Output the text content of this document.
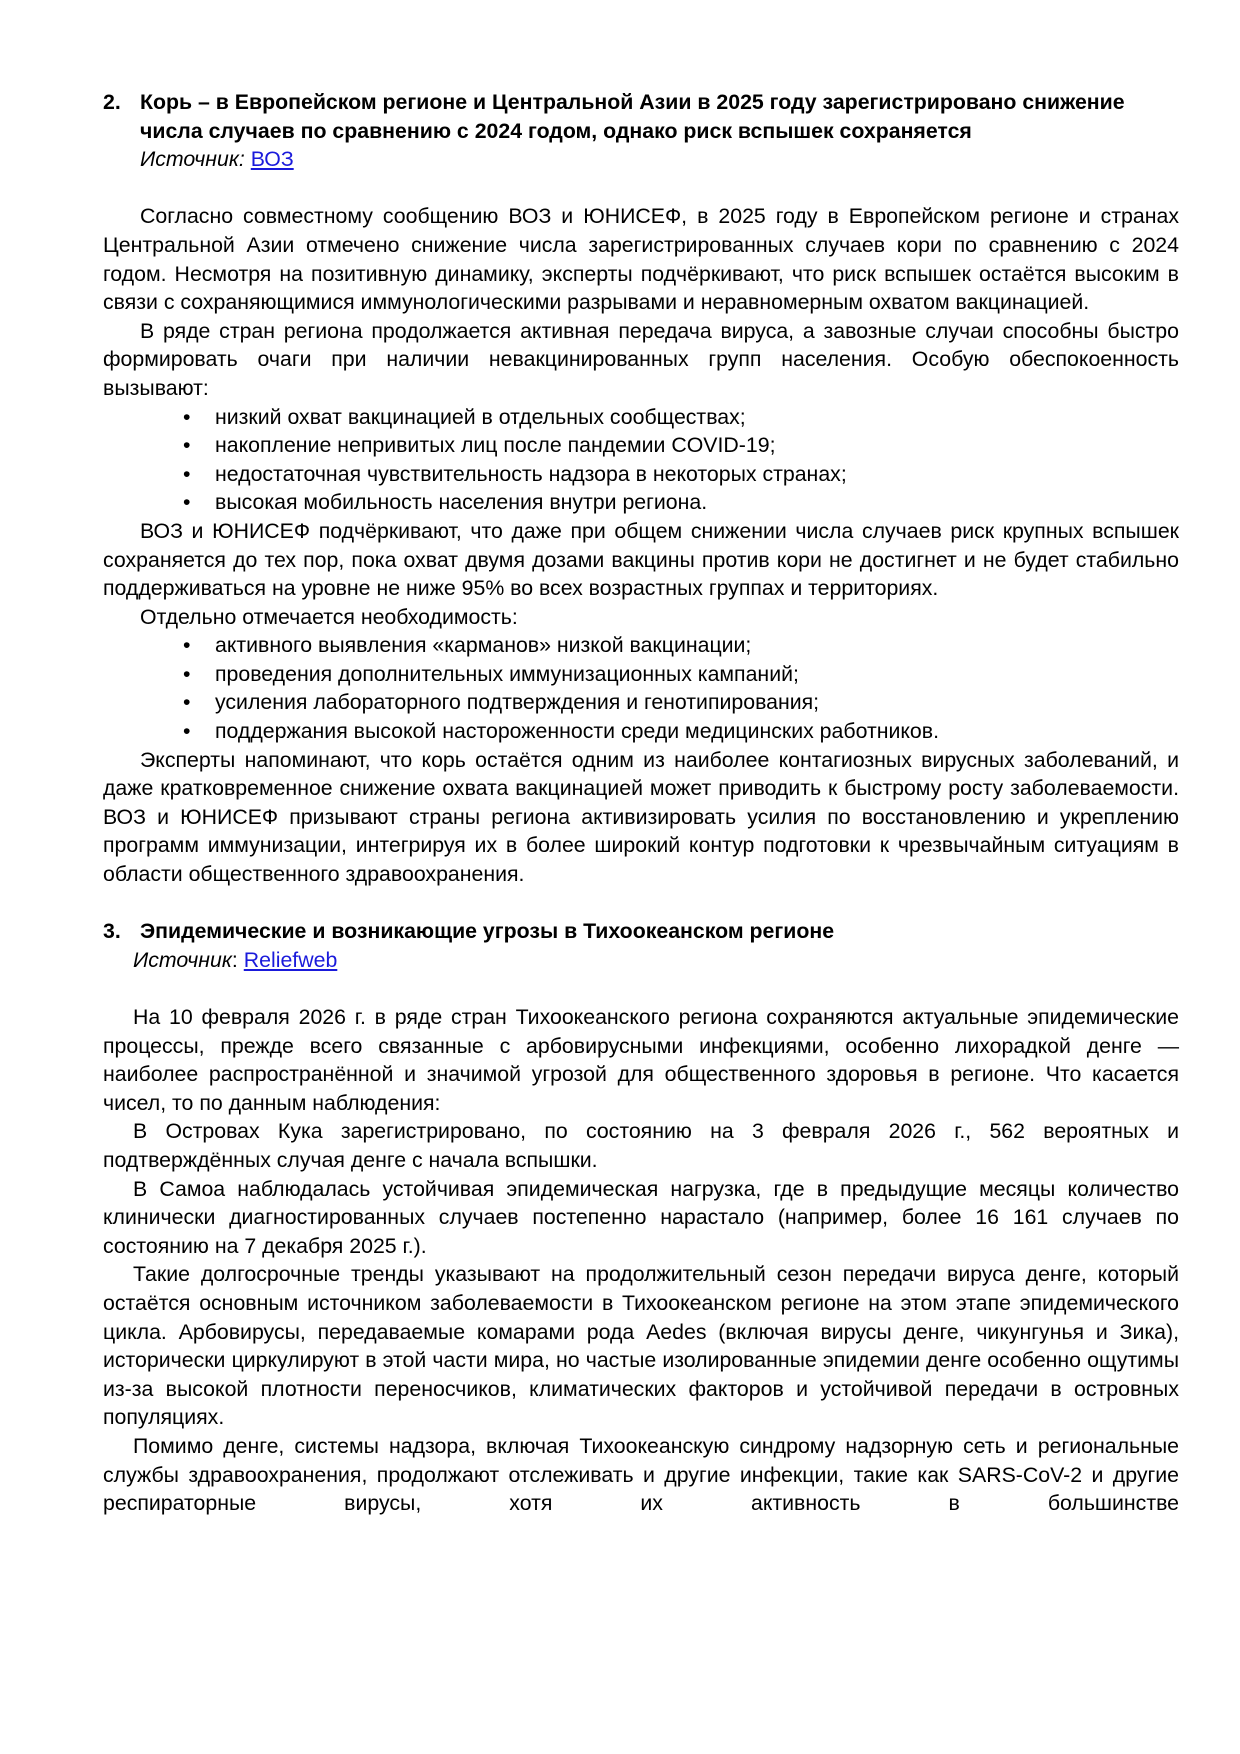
2. Корь – в Европейском регионе и Центральной Азии в 2025 году зарегистрировано снижение числа случаев по сравнению с 2024 годом, однако риск вспышек сохраняется
Источник: ВОЗ

Согласно совместному сообщению ВОЗ и ЮНИСЕФ, в 2025 году в Европейском регионе и странах Центральной Азии отмечено снижение числа зарегистрированных случаев кори по сравнению с 2024 годом. Несмотря на позитивную динамику, эксперты подчёркивают, что риск вспышек остаётся высоким в связи с сохраняющимися иммунологическими разрывами и неравномерным охватом вакцинацией.

В ряде стран региона продолжается активная передача вируса, а завозные случаи способны быстро формировать очаги при наличии невакцинированных групп населения. Особую обеспокоенность вызывают:

• низкий охват вакцинацией в отдельных сообществах;
• накопление непривитых лиц после пандемии COVID-19;
• недостаточная чувствительность надзора в некоторых странах;
• высокая мобильность населения внутри региона.

ВОЗ и ЮНИСЕФ подчёркивают, что даже при общем снижении числа случаев риск крупных вспышек сохраняется до тех пор, пока охват двумя дозами вакцины против кори не достигнет и не будет стабильно поддерживаться на уровне не ниже 95% во всех возрастных группах и территориях.

Отдельно отмечается необходимость:

• активного выявления «карманов» низкой вакцинации;
• проведения дополнительных иммунизационных кампаний;
• усиления лабораторного подтверждения и генотипирования;
• поддержания высокой настороженности среди медицинских работников.

Эксперты напоминают, что корь остаётся одним из наиболее контагиозных вирусных заболеваний, и даже кратковременное снижение охвата вакцинацией может приводить к быстрому росту заболеваемости. ВОЗ и ЮНИСЕФ призывают страны региона активизировать усилия по восстановлению и укреплению программ иммунизации, интегрируя их в более широкий контур подготовки к чрезвычайным ситуациям в области общественного здравоохранения.

3. Эпидемические и возникающие угрозы в Тихоокеанском регионе
Источник: Reliefweb

На 10 февраля 2026 г. в ряде стран Тихоокеанского региона сохраняются актуальные эпидемические процессы, прежде всего связанные с арбовирусными инфекциями, особенно лихорадкой денге — наиболее распространённой и значимой угрозой для общественного здоровья в регионе. Что касается чисел, то по данным наблюдения:

В Островах Кука зарегистрировано, по состоянию на 3 февраля 2026 г., 562 вероятных и подтверждённых случая денге с начала вспышки.

В Самоа наблюдалась устойчивая эпидемическая нагрузка, где в предыдущие месяцы количество клинически диагностированных случаев постепенно нарастало (например, более 16 161 случаев по состоянию на 7 декабря 2025 г.).

Такие долгосрочные тренды указывают на продолжительный сезон передачи вируса денге, который остаётся основным источником заболеваемости в Тихоокеанском регионе на этом этапе эпидемического цикла. Арбовирусы, передаваемые комарами рода Aedes (включая вирусы денге, чикунгунья и Зика), исторически циркулируют в этой части мира, но частые изолированные эпидемии денге особенно ощутимы из-за высокой плотности переносчиков, климатических факторов и устойчивой передачи в островных популяциях.

Помимо денге, системы надзора, включая Тихоокеанскую синдрому надзорную сеть и региональные службы здравоохранения, продолжают отслеживать и другие инфекции, такие как SARS-CoV-2 и другие респираторные вирусы, хотя их активность в большинстве
